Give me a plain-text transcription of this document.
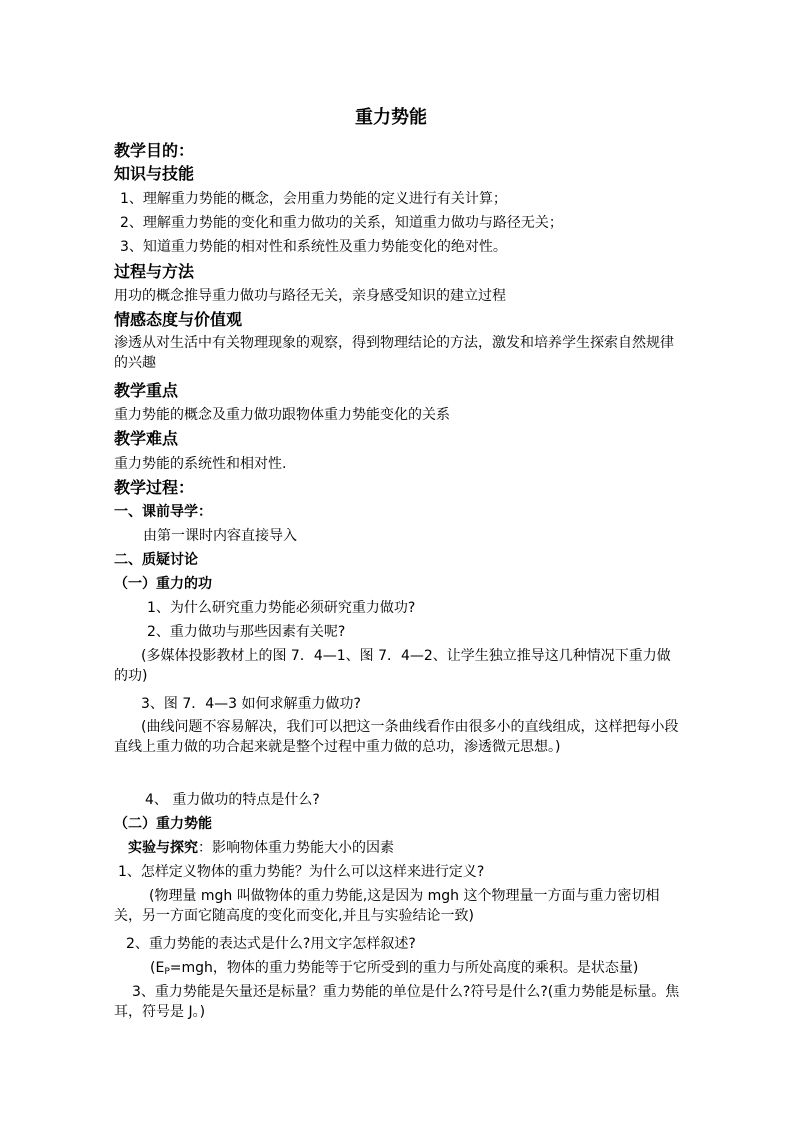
重力势能
教学目的：
知识与技能
1、理解重力势能的概念，会用重力势能的定义进行有关计算；
2、理解重力势能的变化和重力做功的关系，知道重力做功与路径无关；
3、知道重力势能的相对性和系统性及重力势能变化的绝对性。
过程与方法
用功的概念推导重力做功与路径无关，亲身感受知识的建立过程
情感态度与价值观
渗透从对生活中有关物理现象的观察，得到物理结论的方法，激发和培养学生探索自然规律的兴趣
教学重点
重力势能的概念及重力做功跟物体重力势能变化的关系
教学难点
重力势能的系统性和相对性.
教学过程：
一、课前导学：
由第一课时内容直接导入
二、质疑讨论
（一）重力的功
1、为什么研究重力势能必须研究重力做功?
2、重力做功与那些因素有关呢?
(多媒体投影教材上的图 7．4—1、图 7．4—2、让学生独立推导这几种情况下重力做的功)
3、图 7．4—3 如何求解重力做功?
(曲线问题不容易解决，我们可以把这一条曲线看作由很多小的直线组成，这样把每小段直线上重力做的功合起来就是整个过程中重力做的总功，渗透微元思想。)
4、 重力做功的特点是什么?
（二）重力势能
实验与探究：影响物体重力势能大小的因素
1、怎样定义物体的重力势能？为什么可以这样来进行定义?
(物理量 mgh 叫做物体的重力势能,这是因为 mgh 这个物理量一方面与重力密切相关，另一方面它随高度的变化而变化,并且与实验结论一致)
2、重力势能的表达式是什么?用文字怎样叙述?
($E_P=mgh$，物体的重力势能等于它所受到的重力与所处高度的乘积。是状态量)
3、重力势能是矢量还是标量？重力势能的单位是什么?符号是什么?(重力势能是标量。焦耳，符号是 J。)
